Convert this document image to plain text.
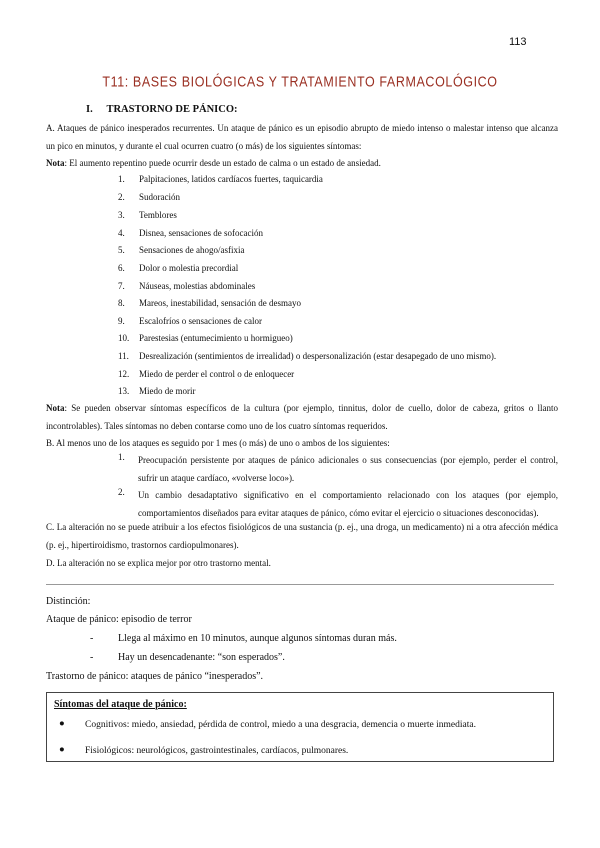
113
T11: BASES BIOLÓGICAS Y TRATAMIENTO FARMACOLÓGICO
I. TRASTORNO DE PÁNICO:
A. Ataques de pánico inesperados recurrentes. Un ataque de pánico es un episodio abrupto de miedo intenso o malestar intenso que alcanza un pico en minutos, y durante el cual ocurren cuatro (o más) de los siguientes síntomas:
Nota: El aumento repentino puede ocurrir desde un estado de calma o un estado de ansiedad.
1.	Palpitaciones, latidos cardíacos fuertes, taquicardia
2.	Sudoración
3.	Temblores
4.	Disnea, sensaciones de sofocación
5.	Sensaciones de ahogo/asfixia
6.	Dolor o molestia precordial
7.	Náuseas, molestias abdominales
8.	Mareos, inestabilidad, sensación de desmayo
9.	Escalofríos o sensaciones de calor
10.	Parestesias (entumecimiento u hormigueo)
11.	Desrealización (sentimientos de irrealidad) o despersonalización (estar desapegado de uno mismo).
12.	Miedo de perder el control o de enloquecer
13.	Miedo de morir
Nota: Se pueden observar síntomas específicos de la cultura (por ejemplo, tinnitus, dolor de cuello, dolor de cabeza, gritos o llanto incontrolables). Tales síntomas no deben contarse como uno de los cuatro síntomas requeridos.
B. Al menos uno de los ataques es seguido por 1 mes (o más) de uno o ambos de los siguientes:
1. Preocupación persistente por ataques de pánico adicionales o sus consecuencias (por ejemplo, perder el control, sufrir un ataque cardíaco, «volverse loco»).
2. Un cambio desadaptativo significativo en el comportamiento relacionado con los ataques (por ejemplo, comportamientos diseñados para evitar ataques de pánico, cómo evitar el ejercicio o situaciones desconocidas).
C. La alteración no se puede atribuir a los efectos fisiológicos de una sustancia (p. ej., una droga, un medicamento) ni a otra afección médica (p. ej., hipertiroidismo, trastornos cardiopulmonares).
D. La alteración no se explica mejor por otro trastorno mental.
Distinción:
Ataque de pánico: episodio de terror
- Llega al máximo en 10 minutos, aunque algunos síntomas duran más.
- Hay un desencadenante: “son esperados”.
Trastorno de pánico: ataques de pánico “inesperados”.
Síntomas del ataque de pánico:
● Cognitivos: miedo, ansiedad, pérdida de control, miedo a una desgracia, demencia o muerte inmediata.
● Fisiológicos: neurológicos, gastrointestinales, cardíacos, pulmonares.
